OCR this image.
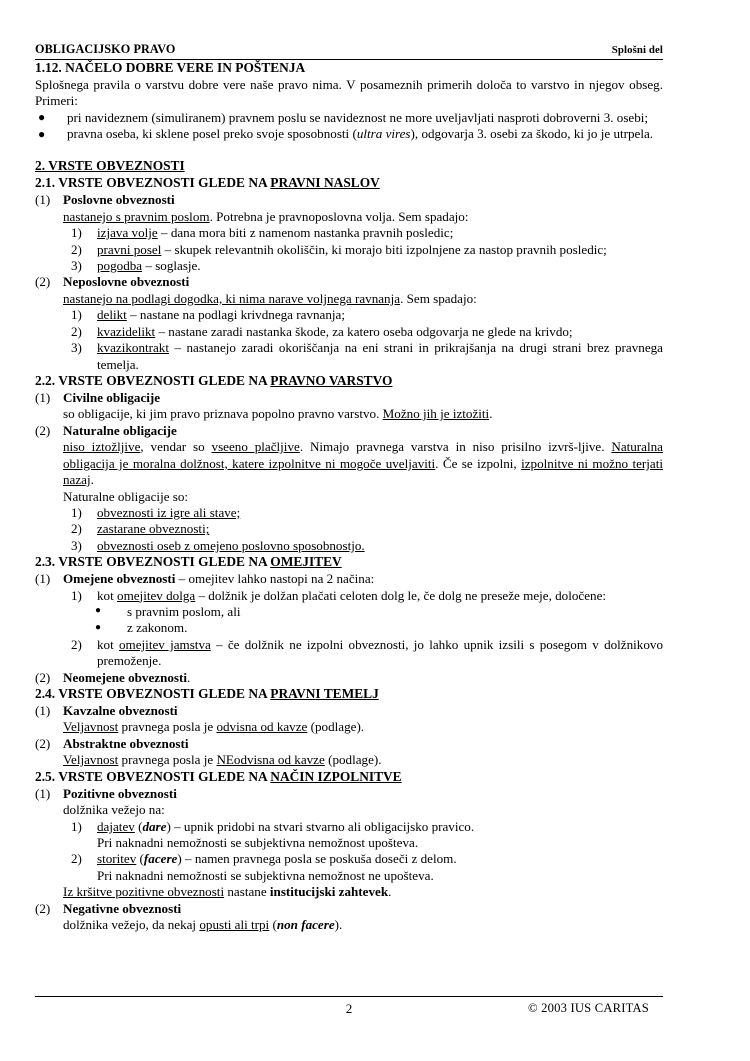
OBLIGACIJSKO PRAVO	Splošni del
1.12. NAČELO DOBRE VERE IN POŠTENJA

Splošnega pravila o varstvu dobre vere naše pravo nima. V posameznih primerih določa to varstvo in njegov obseg. Primeri:

● pri navideznem (simuliranem) pravnem poslu se navideznost ne more uveljavljati nasproti dobroverni 3. osebi;
● pravna oseba, ki sklene posel preko svoje sposobnosti (ultra vires), odgovarja 3. osebi za škodo, ki jo je utrpela.
2. VRSTE OBVEZNOSTI
2.1. VRSTE OBVEZNOSTI GLEDE NA PRAVNI NASLOV
(1) Poslovne obveznosti

nastanejo s pravnim poslom. Potrebna je pravnoposlovna volja. Sem spadajo:

1) izjava volje – dana mora biti z namenom nastanka pravnih posledic;
2) pravni posel – skupek relevantnih okoliščin, ki morajo biti izpolnjene za nastop pravnih posledic;
3) pogodba – soglasje.
(2) Neposlovne obveznosti

nastanejo na podlagi dogodka, ki nima narave voljnega ravnanja. Sem spadajo:

1) delikt – nastane na podlagi krivdnega ravnanja;
2) kvazidelikt – nastane zaradi nastanka škode, za katero oseba odgovarja ne glede na krivdo;
3) kvazikontrakt – nastanejo zaradi okoriščanja na eni strani in prikrajšanja na drugi strani brez pravnega temelja.
2.2. VRSTE OBVEZNOSTI GLEDE NA PRAVNO VARSTVO
(1) Civilne obligacije

so obligacije, ki jim pravo priznava popolno pravno varstvo. Možno jih je iztožiti.

(2) Naturalne obligacije

niso iztožljive, vendar so vseeno plačljive. Nimajo pravnega varstva in niso prisilno izvrš-ljive. Naturalna obligacija je moralna dolžnost, katere izpolnitve ni mogoče uveljaviti. Če se izpolni, izpolnitve ni možno terjati nazaj.

Naturalne obligacije so:

1) obveznosti iz igre ali stave;
2) zastarane obveznosti;
3) obveznosti oseb z omejeno poslovno sposobnostjo.
2.3. VRSTE OBVEZNOSTI GLEDE NA OMEJITEV
(1) Omejene obveznosti – omejitev lahko nastopi na 2 načina:
1) kot omejitev dolga – dolžnik je dolžan plačati celoten dolg le, če dolg ne preseže meje, določene:
● s pravnim poslom, ali
● z zakonom.
2) kot omejitev jamstva – če dolžnik ne izpolni obveznosti, jo lahko upnik izsili s posegom v dolžnikovo premoženje.
(2) Neomejene obveznosti.
2.4. VRSTE OBVEZNOSTI GLEDE NA PRAVNI TEMELJ
(1) Kavzalne obveznosti

Veljavnost pravnega posla je odvisna od kavze (podlage).

(2) Abstraktne obveznosti

Veljavnost pravnega posla je NEodvisna od kavze (podlage).

2.5. VRSTE OBVEZNOSTI GLEDE NA NAČIN IZPOLNITVE
(1) Pozitivne obveznosti

dolžnika vežejo na:

1) dajatev (dare) – upnik pridobi na stvari stvarno ali obligacijsko pravico.
Pri naknadni nemožnosti se subjektivna nemožnost upošteva.
2) storitev (facere) – namen pravnega posla se poskuša doseči z delom.
Pri naknadni nemožnosti se subjektivna nemožnost ne upošteva.

Iz kršitve pozitivne obveznosti nastane institucijski zahtevek.

(2) Negativne obveznosti

dolžnika vežejo, da nekaj opusti ali trpi (non facere).

2	© 2003 IUS CARITAS
